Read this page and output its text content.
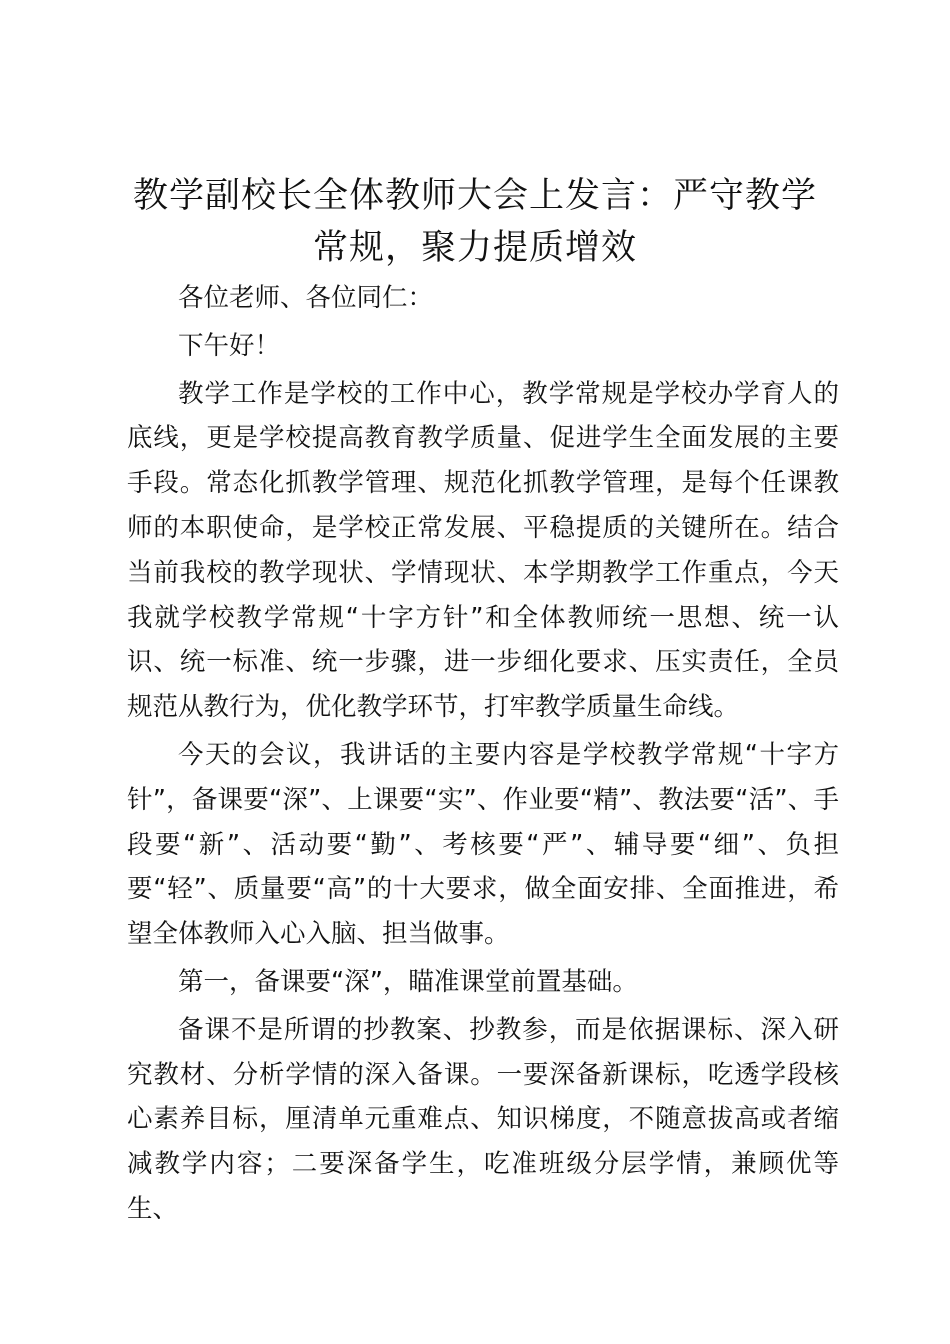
教学副校长全体教师大会上发言：严守教学常规，聚力提质增效

各位老师、各位同仁：

下午好！

教学工作是学校的工作中心，教学常规是学校办学育人的底线，更是学校提高教育教学质量、促进学生全面发展的主要手段。常态化抓教学管理、规范化抓教学管理，是每个任课教师的本职使命，是学校正常发展、平稳提质的关键所在。结合当前我校的教学现状、学情现状、本学期教学工作重点，今天我就学校教学常规“十字方针”和全体教师统一思想、统一认识、统一标准、统一步骤，进一步细化要求、压实责任，全员规范从教行为，优化教学环节，打牢教学质量生命线。

今天的会议，我讲话的主要内容是学校教学常规“十字方针”，备课要“深”、上课要“实”、作业要“精”、教法要“活”、手段要“新”、活动要“勤”、考核要“严”、辅导要“细”、负担要“轻”、质量要“高”的十大要求，做全面安排、全面推进，希望全体教师入心入脑、担当做事。

第一，备课要“深”，瞄准课堂前置基础。

备课不是所谓的抄教案、抄教参，而是依据课标、深入研究教材、分析学情的深入备课。一要深备新课标，吃透学段核心素养目标，厘清单元重难点、知识梯度，不随意拔高或者缩减教学内容；二要深备学生，吃准班级分层学情，兼顾优等生、
